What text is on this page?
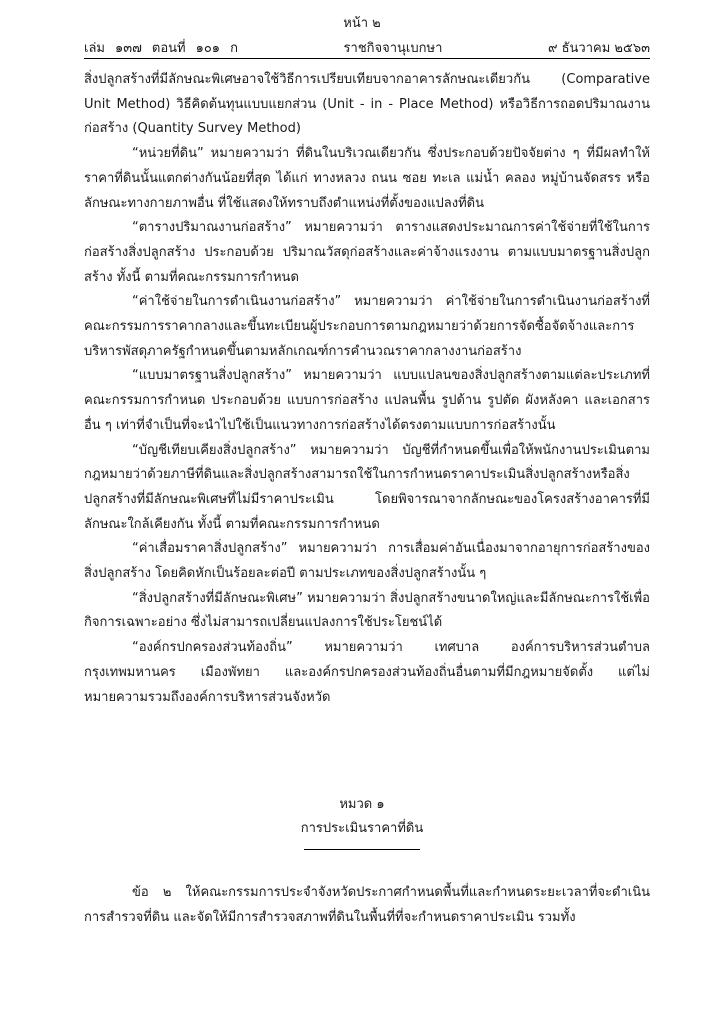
หน้า ๒
เล่ม ๑๓๗ ตอนที่ ๑๐๑ ก	ราชกิจจานุเบกษา	๙ ธันวาคม ๒๕๖๓

สิ่งปลูกสร้างที่มีลักษณะพิเศษอาจใช้วิธีการเปรียบเทียบจากอาคารลักษณะเดียวกัน (Comparative Unit Method) วิธีคิดต้นทุนแบบแยกส่วน (Unit - in - Place Method) หรือวิธีการถอดปริมาณงานก่อสร้าง (Quantity Survey Method)

“หน่วยที่ดิน” หมายความว่า ที่ดินในบริเวณเดียวกัน ซึ่งประกอบด้วยปัจจัยต่าง ๆ ที่มีผลทำให้ราคาที่ดินนั้นแตกต่างกันน้อยที่สุด ได้แก่ ทางหลวง ถนน ซอย ทะเล แม่น้ำ คลอง หมู่บ้านจัดสรร หรือลักษณะทางกายภาพอื่น ที่ใช้แสดงให้ทราบถึงตำแหน่งที่ตั้งของแปลงที่ดิน

“ตารางปริมาณงานก่อสร้าง” หมายความว่า ตารางแสดงประมาณการค่าใช้จ่ายที่ใช้ในการก่อสร้างสิ่งปลูกสร้าง ประกอบด้วย ปริมาณวัสดุก่อสร้างและค่าจ้างแรงงาน ตามแบบมาตรฐานสิ่งปลูกสร้าง ทั้งนี้ ตามที่คณะกรรมการกำหนด

“ค่าใช้จ่ายในการดำเนินงานก่อสร้าง” หมายความว่า ค่าใช้จ่ายในการดำเนินงานก่อสร้างที่คณะกรรมการราคากลางและขึ้นทะเบียนผู้ประกอบการตามกฎหมายว่าด้วยการจัดซื้อจัดจ้างและการบริหารพัสดุภาครัฐกำหนดขึ้นตามหลักเกณฑ์การคำนวณราคากลางงานก่อสร้าง

“แบบมาตรฐานสิ่งปลูกสร้าง” หมายความว่า แบบแปลนของสิ่งปลูกสร้างตามแต่ละประเภทที่คณะกรรมการกำหนด ประกอบด้วย แบบการก่อสร้าง แปลนพื้น รูปด้าน รูปตัด ผังหลังคา และเอกสารอื่น ๆ เท่าที่จำเป็นที่จะนำไปใช้เป็นแนวทางการก่อสร้างได้ตรงตามแบบการก่อสร้างนั้น

“บัญชีเทียบเคียงสิ่งปลูกสร้าง” หมายความว่า บัญชีที่กำหนดขึ้นเพื่อให้พนักงานประเมินตามกฎหมายว่าด้วยภาษีที่ดินและสิ่งปลูกสร้างสามารถใช้ในการกำหนดราคาประเมินสิ่งปลูกสร้างหรือสิ่งปลูกสร้างที่มีลักษณะพิเศษที่ไม่มีราคาประเมิน โดยพิจารณาจากลักษณะของโครงสร้างอาคารที่มีลักษณะใกล้เคียงกัน ทั้งนี้ ตามที่คณะกรรมการกำหนด

“ค่าเสื่อมราคาสิ่งปลูกสร้าง” หมายความว่า การเสื่อมค่าอันเนื่องมาจากอายุการก่อสร้างของสิ่งปลูกสร้าง โดยคิดหักเป็นร้อยละต่อปี ตามประเภทของสิ่งปลูกสร้างนั้น ๆ

“สิ่งปลูกสร้างที่มีลักษณะพิเศษ” หมายความว่า สิ่งปลูกสร้างขนาดใหญ่และมีลักษณะการใช้เพื่อกิจการเฉพาะอย่าง ซึ่งไม่สามารถเปลี่ยนแปลงการใช้ประโยชน์ได้

“องค์กรปกครองส่วนท้องถิ่น” หมายความว่า เทศบาล องค์การบริหารส่วนตำบล กรุงเทพมหานคร เมืองพัทยา และองค์กรปกครองส่วนท้องถิ่นอื่นตามที่มีกฎหมายจัดตั้ง แต่ไม่หมายความรวมถึงองค์การบริหารส่วนจังหวัด

หมวด ๑
การประเมินราคาที่ดิน

ข้อ ๒ ให้คณะกรรมการประจำจังหวัดประกาศกำหนดพื้นที่และกำหนดระยะเวลาที่จะดำเนินการสำรวจที่ดิน และจัดให้มีการสำรวจสภาพที่ดินในพื้นที่ที่จะกำหนดราคาประเมิน รวมทั้ง
